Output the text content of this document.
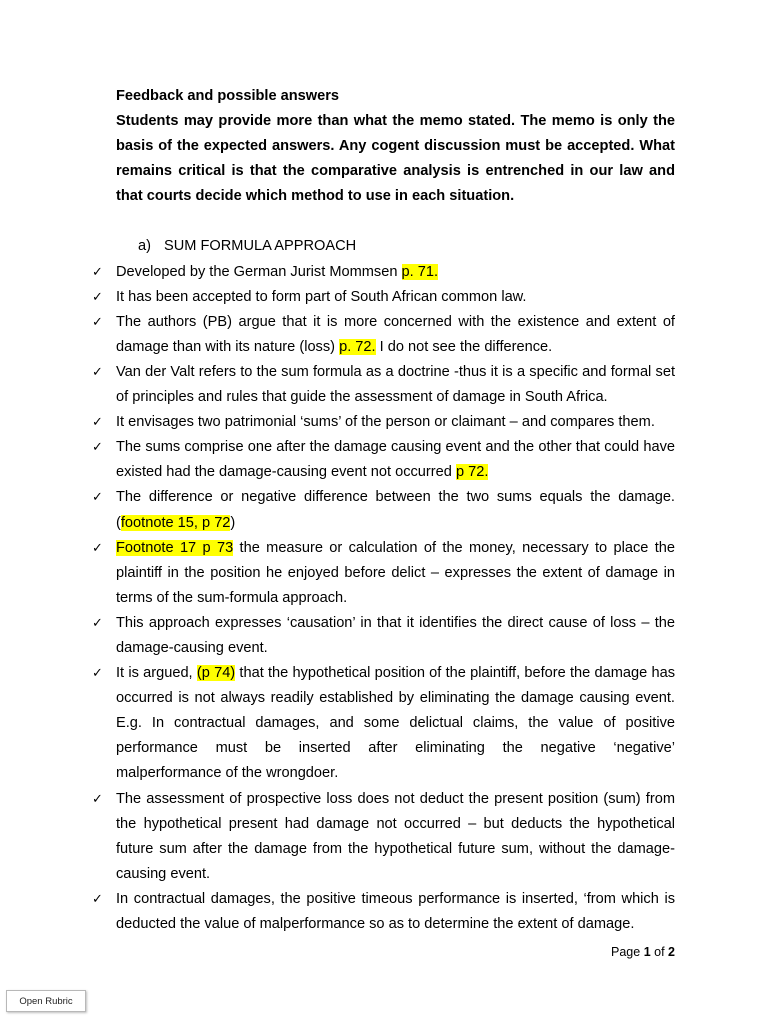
Feedback and possible answers

Students may provide more than what the memo stated. The memo is only the basis of the expected answers. Any cogent discussion must be accepted. What remains critical is that the comparative analysis is entrenched in our law and that courts decide which method to use in each situation.

a) SUM FORMULA APPROACH
✓ Developed by the German Jurist Mommsen p. 71.
✓ It has been accepted to form part of South African common law.
✓ The authors (PB) argue that it is more concerned with the existence and extent of damage than with its nature (loss) p. 72. I do not see the difference.
✓ Van der Valt refers to the sum formula as a doctrine -thus it is a specific and formal set of principles and rules that guide the assessment of damage in South Africa.
✓ It envisages two patrimonial ‘sums’ of the person or claimant – and compares them.
✓ The sums comprise one after the damage causing event and the other that could have existed had the damage-causing event not occurred p 72.
✓ The difference or negative difference between the two sums equals the damage. (footnote 15, p 72)
✓ Footnote 17 p 73 the measure or calculation of the money, necessary to place the plaintiff in the position he enjoyed before delict – expresses the extent of damage in terms of the sum-formula approach.
✓ This approach expresses ‘causation’ in that it identifies the direct cause of loss – the damage-causing event.
✓ It is argued, (p 74) that the hypothetical position of the plaintiff, before the damage has occurred is not always readily established by eliminating the damage causing event. E.g. In contractual damages, and some delictual claims, the value of positive performance must be inserted after eliminating the negative ‘negative’ malperformance of the wrongdoer.
✓ The assessment of prospective loss does not deduct the present position (sum) from the hypothetical present had damage not occurred – but deducts the hypothetical future sum after the damage from the hypothetical future sum, without the damage-causing event.
✓ In contractual damages, the positive timeous performance is inserted, ‘from which is deducted the value of malperformance so as to determine the extent of damage.
Page 1 of 2
Open Rubric
